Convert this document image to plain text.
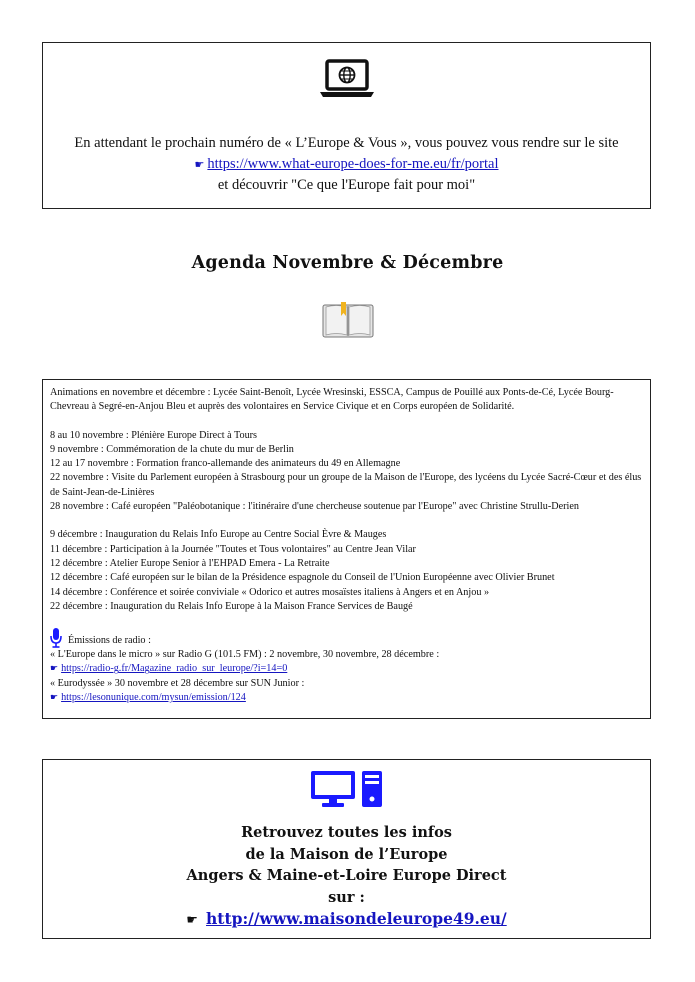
En attendant le prochain numéro de « L’Europe & Vous », vous pouvez vous rendre sur le site
☛ https://www.what-europe-does-for-me.eu/fr/portal
et découvrir "Ce que l'Europe fait pour moi"
Agenda Novembre & Décembre

Animations en novembre et décembre : Lycée Saint-Benoît, Lycée Wresinski, ESSCA, Campus de Pouillé aux Ponts-de-Cé, Lycée Bourg-Chevreau à Segré-en-Anjou Bleu et auprès des volontaires en Service Civique et en Corps européen de Solidarité.

8 au 10 novembre : Plénière Europe Direct à Tours

9 novembre : Commémoration de la chute du mur de Berlin

12 au 17 novembre : Formation franco-allemande des animateurs du 49 en Allemagne

22 novembre : Visite du Parlement européen à Strasbourg pour un groupe de la Maison de l'Europe, des lycéens du Lycée Sacré-Cœur et des élus de Saint-Jean-de-Linières

28 novembre : Café européen "Paléobotanique : l'itinéraire d'une chercheuse soutenue par l'Europe" avec Christine Strullu-Derien

9 décembre : Inauguration du Relais Info Europe au Centre Social Èvre & Mauges

11 décembre : Participation à la Journée "Toutes et Tous volontaires" au Centre Jean Vilar

12 décembre : Atelier Europe Senior à l'EHPAD Emera - La Retraite

12 décembre : Café européen sur le bilan de la Présidence espagnole du Conseil de l'Union Européenne avec Olivier Brunet

14 décembre : Conférence et soirée conviviale « Odorico et autres mosaïstes italiens à Angers et en Anjou »

22 décembre : Inauguration du Relais Info Europe à la Maison France Services de Baugé

Émissions de radio :

« L'Europe dans le micro » sur Radio G (101.5 FM) : 2 novembre, 30 novembre, 28 décembre :

☛ https://radio-g.fr/Magazine_radio_sur_leurope/?i=14=0

« Eurodyssée » 30 novembre et 28 décembre sur SUN Junior :

☛ https://lesonunique.com/mysun/emission/124

Retrouvez toutes les infos
de la Maison de l’Europe
Angers & Maine-et-Loire Europe Direct
sur :
☛ http://www.maisondeleurope49.eu/
